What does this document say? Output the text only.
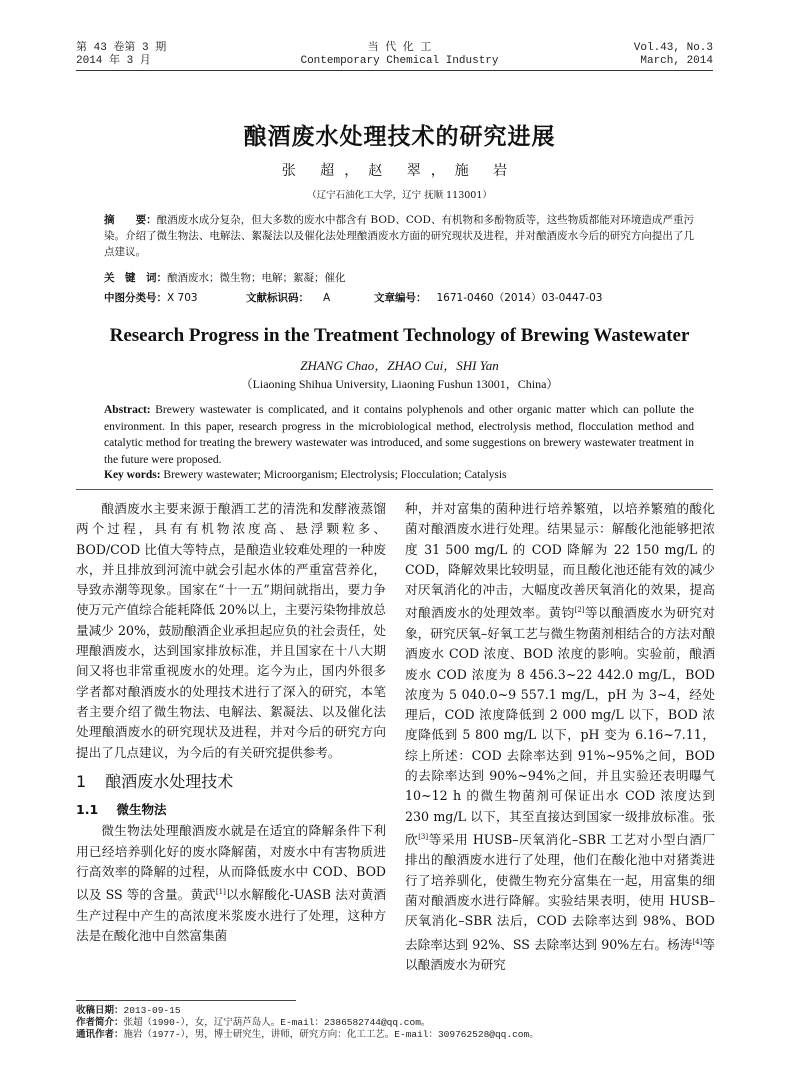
第 43 卷第 3 期
2014 年 3 月
当 代 化 工
Contemporary Chemical Industry
Vol.43, No.3
March, 2014
酿酒废水处理技术的研究进展
张 超，赵 翠，施 岩
（辽宁石油化工大学，辽宁 抚顺 113001）
摘　　要：酿酒废水成分复杂，但大多数的废水中都含有 BOD、COD、有机物和多酚物质等，这些物质都能对环境造成严重污染。介绍了微生物法、电解法、絮凝法以及催化法处理酿酒废水方面的研究现状及进程，并对酿酒废水今后的研究方向提出了几点建议。
关　键　词：酿酒废水；微生物；电解；絮凝；催化
中图分类号：X 703	文献标识码： A	文章编号： 1671-0460（2014）03-0447-03
Research Progress in the Treatment Technology of Brewing Wastewater
ZHANG Chao，ZHAO Cui，SHI Yan
（Liaoning Shihua University, Liaoning Fushun 13001，China）
Abstract: Brewery wastewater is complicated, and it contains polyphenols and other organic matter which can pollute the environment. In this paper, research progress in the microbiological method, electrolysis method, flocculation method and catalytic method for treating the brewery wastewater was introduced, and some suggestions on brewery wastewater treatment in the future were proposed.
Key words: Brewery wastewater; Microorganism; Electrolysis; Flocculation; Catalysis

酿酒废水主要来源于酿酒工艺的清洗和发酵液蒸馏两个过程，具有有机物浓度高、悬浮颗粒多、BOD/COD 比值大等特点，是酿造业较难处理的一种废水，并且排放到河流中就会引起水体的严重富营养化，导致赤潮等现象。国家在“十一五”期间就指出，要力争使万元产值综合能耗降低 20%以上，主要污染物排放总量减少 20%，鼓励酿酒企业承担起应负的社会责任，处理酿酒废水，达到国家排放标准，并且国家在十八大期间又将也非常重视废水的处理。迄今为止，国内外很多学者都对酿酒废水的处理技术进行了深入的研究，本笔者主要介绍了微生物法、电解法、絮凝法、以及催化法处理酿酒废水的研究现状及进程，并对今后的研究方向提出了几点建议，为今后的有关研究提供参考。

1 酿酒废水处理技术
1.1 微生物法

微生物法处理酿酒废水就是在适宜的降解条件下利用已经培养驯化好的废水降解菌，对废水中有害物质进行高效率的降解的过程，从而降低废水中 COD、BOD 以及 SS 等的含量。黄武[1]以水解酸化-UASB 法对黄酒生产过程中产生的高浓度米浆废水进行了处理，这种方法是在酸化池中自然富集菌

种，并对富集的菌种进行培养繁殖，以培养繁殖的酸化菌对酿酒废水进行处理。结果显示：解酸化池能够把浓度 31 500 mg/L 的 COD 降解为 22 150 mg/L 的 COD，降解效果比较明显，而且酸化池还能有效的减少对厌氧消化的冲击，大幅度改善厌氧消化的效果，提高对酿酒废水的处理效率。黄钧[2]等以酿酒废水为研究对象，研究厌氧–好氧工艺与微生物菌剂相结合的方法对酿酒废水 COD 浓度、BOD 浓度的影响。实验前，酿酒废水 COD 浓度为 8 456.3~22 442.0 mg/L，BOD 浓度为 5 040.0~9 557.1 mg/L，pH 为 3~4，经处理后，COD 浓度降低到 2 000 mg/L 以下，BOD 浓度降低到 5 800 mg/L 以下，pH 变为 6.16~7.11，综上所述：COD 去除率达到 91%~95%之间，BOD 的去除率达到 90%~94%之间，并且实验还表明曝气 10~12 h 的微生物菌剂可保证出水 COD 浓度达到 230 mg/L 以下，其至直接达到国家一级排放标准。张欣[3]等采用 HUSB–厌氧消化–SBR 工艺对小型白酒厂排出的酿酒废水进行了处理，他们在酸化池中对猪粪进行了培养驯化，使微生物充分富集在一起，用富集的细菌对酿酒废水进行降解。实验结果表明，使用 HUSB–厌氧消化–SBR 法后，COD 去除率达到 98%、BOD 去除率达到 92%、SS 去除率达到 90%左右。杨涛[4]等以酿酒废水为研究

收稿日期：2013-09-15
作者简介：张超（1990-），女，辽宁葫芦岛人。E-mail：2386582744@qq.com。
通讯作者：施岩（1977-），男，博士研究生，讲师，研究方向：化工工艺。E-mail：309762528@qq.com。
